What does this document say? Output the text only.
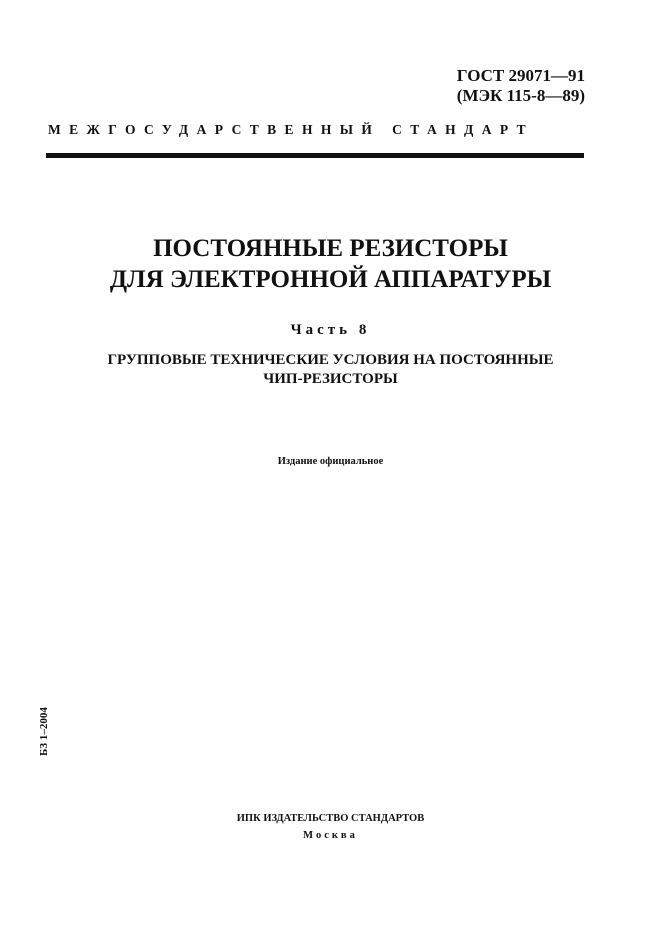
ГОСТ 29071—91
(МЭК 115-8—89)
МЕЖГОСУДАРСТВЕННЫЙ СТАНДАРТ
ПОСТОЯННЫЕ РЕЗИСТОРЫ
ДЛЯ ЭЛЕКТРОННОЙ АППАРАТУРЫ
Часть 8
ГРУППОВЫЕ ТЕХНИЧЕСКИЕ УСЛОВИЯ НА ПОСТОЯННЫЕ
ЧИП-РЕЗИСТОРЫ
Издание официальное
БЗ 1–2004
ИПК ИЗДАТЕЛЬСТВО СТАНДАРТОВ
Москва
